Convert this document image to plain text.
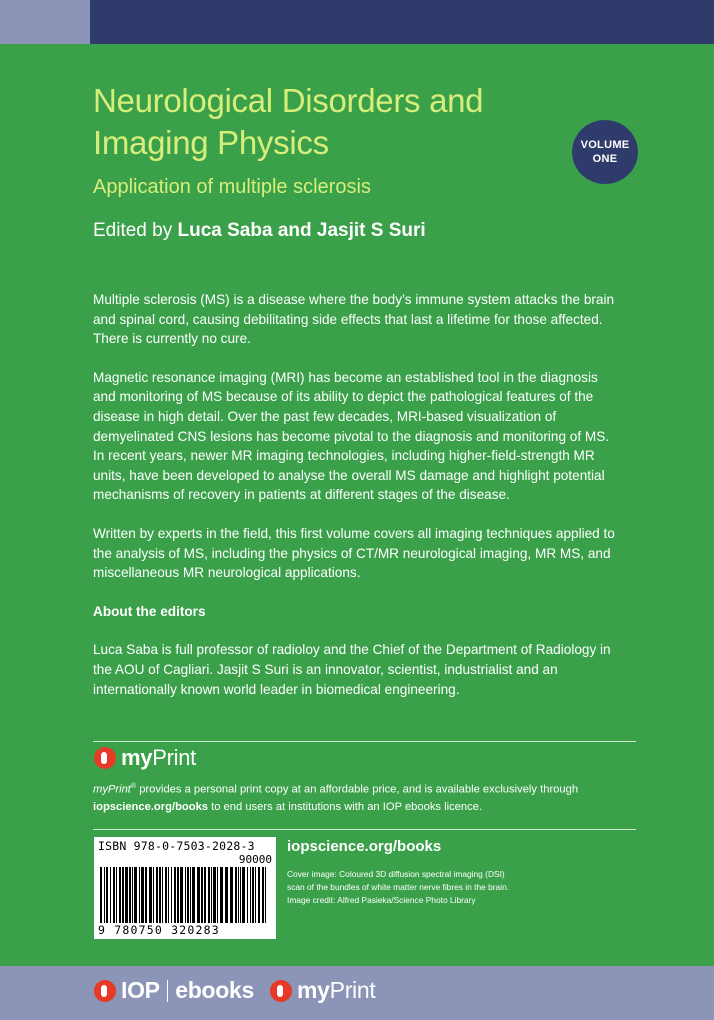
Neurological Disorders and Imaging Physics
Application of multiple sclerosis
Edited by Luca Saba and Jasjit S Suri
VOLUME
ONE

Multiple sclerosis (MS) is a disease where the body’s immune system attacks the brain and spinal cord, causing debilitating side effects that last a lifetime for those affected. There is currently no cure.

Magnetic resonance imaging (MRI) has become an established tool in the diagnosis and monitoring of MS because of its ability to depict the pathological features of the disease in high detail. Over the past few decades, MRI-based visualization of demyelinated CNS lesions has become pivotal to the diagnosis and monitoring of MS. In recent years, newer MR imaging technologies, including higher-field-strength MR units, have been developed to analyse the overall MS damage and highlight potential mechanisms of recovery in patients at different stages of the disease.

Written by experts in the field, this first volume covers all imaging techniques applied to the analysis of MS, including the physics of CT/MR neurological imaging, MR MS, and miscellaneous MR neurological applications.

About the editors

Luca Saba is full professor of radioloy and the Chief of the Department of Radiology in the AOU of Cagliari. Jasjit S Suri is an innovator, scientist, industrialist and an internationally known world leader in biomedical engineering.

myPrint
myPrint® provides a personal print copy at an affordable price, and is available exclusively through iopscience.org/books to end users at institutions with an IOP ebooks licence.
ISBN 978-0-7503-2028-3
90000
9 780750 320283
iopscience.org/books
Cover image: Coloured 3D diffusion spectral imaging (DSI)
scan of the bundles of white matter nerve fibres in the brain.
Image credit: Alfred Pasieka/Science Photo Library
IOP ebooks myPrint
